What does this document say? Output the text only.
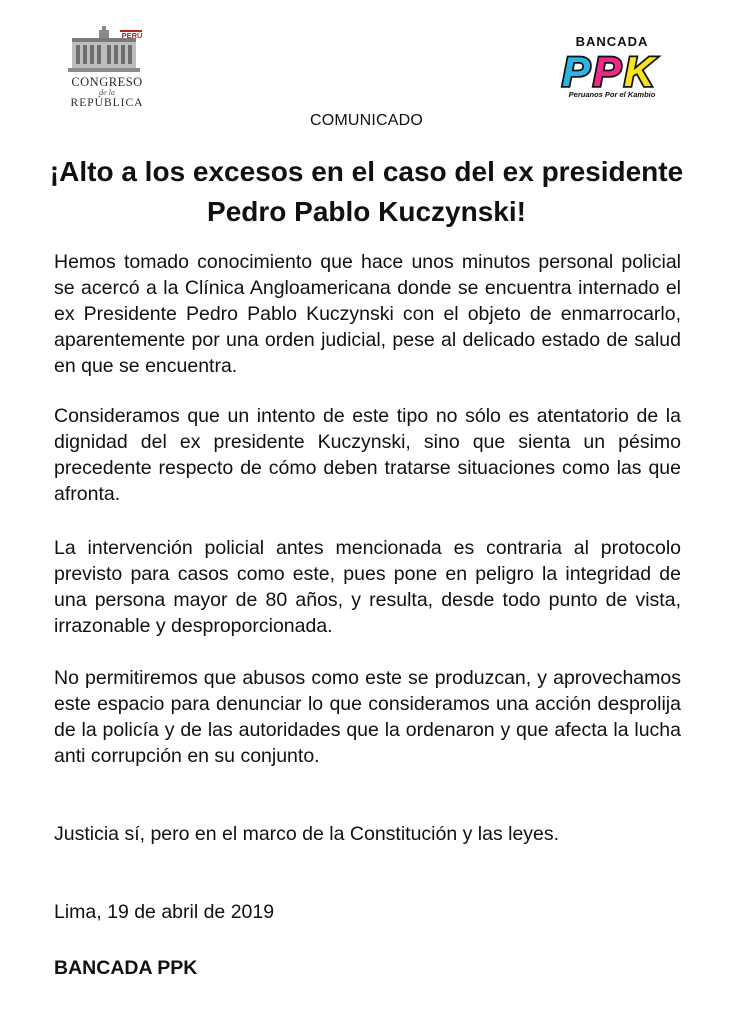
PERÚ
CONGRESO
de la
REPÚBLICA
BANCADA
P P K
Peruanos Por el Kambio
COMUNICADO
¡Alto a los excesos en el caso del ex presidente Pedro Pablo Kuczynski!

Hemos tomado conocimiento que hace unos minutos personal policial se acercó a la Clínica Angloamericana donde se encuentra internado el ex Presidente Pedro Pablo Kuczynski con el objeto de enmarrocarlo, aparentemente por una orden judicial, pese al delicado estado de salud en que se encuentra.

Consideramos que un intento de este tipo no sólo es atentatorio de la dignidad del ex presidente Kuczynski, sino que sienta un pésimo precedente respecto de cómo deben tratarse situaciones como las que afronta.

La intervención policial antes mencionada es contraria al protocolo previsto para casos como este, pues pone en peligro la integridad de una persona mayor de 80 años, y resulta, desde todo punto de vista, irrazonable y desproporcionada.

No permitiremos que abusos como este se produzcan, y aprovechamos este espacio para denunciar lo que consideramos una acción desprolija de la policía y de las autoridades que la ordenaron y que afecta la lucha anti corrupción en su conjunto.

Justicia sí, pero en el marco de la Constitución y las leyes.

Lima, 19 de abril de 2019
BANCADA PPK
